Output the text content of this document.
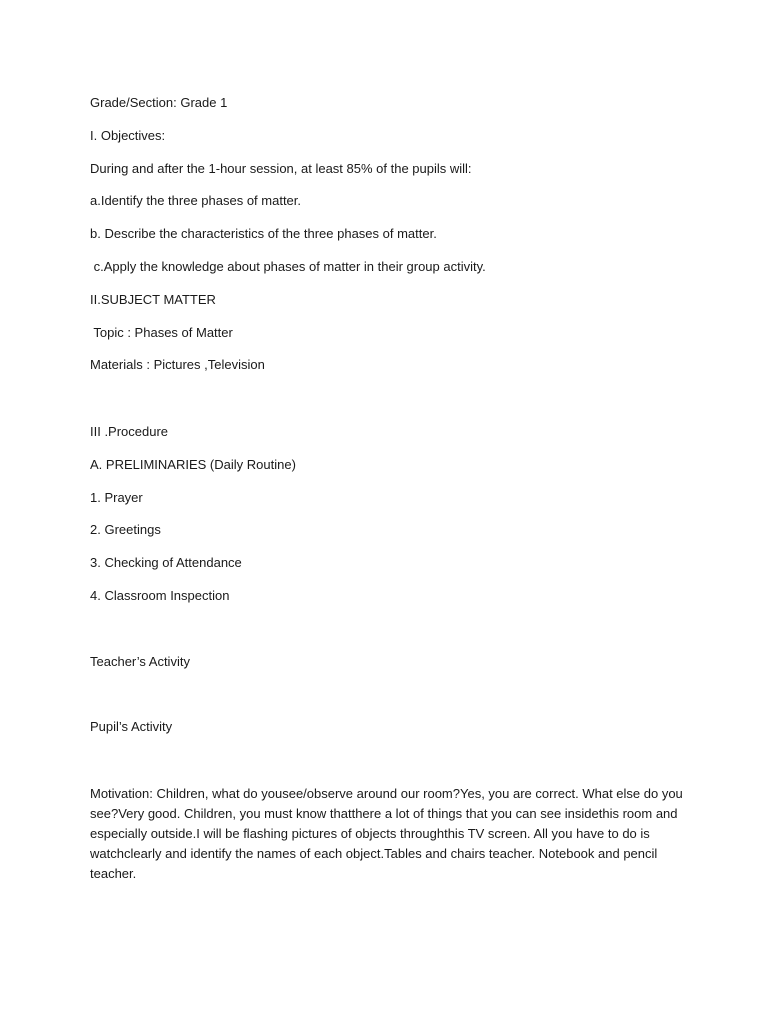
Grade/Section: Grade 1
I. Objectives:
During and after the 1-hour session, at least 85% of the pupils will:
a.Identify the three phases of matter.
b. Describe the characteristics of the three phases of matter.
c.Apply the knowledge about phases of matter in their group activity.
II.SUBJECT MATTER
Topic : Phases of Matter
Materials : Pictures ,Television
III .Procedure
A. PRELIMINARIES (Daily Routine)
1. Prayer
2. Greetings
3. Checking of Attendance
4. Classroom Inspection
Teacher’s Activity
Pupil’s Activity
Motivation: Children, what do yousee/observe around our room?Yes, you are correct. What else do you see?Very good. Children, you must know thatthere a lot of things that you can see insidethis room and especially outside.I will be flashing pictures of objects throughthis TV screen. All you have to do is watchclearly and identify the names of each object.Tables and chairs teacher. Notebook and pencil teacher.
